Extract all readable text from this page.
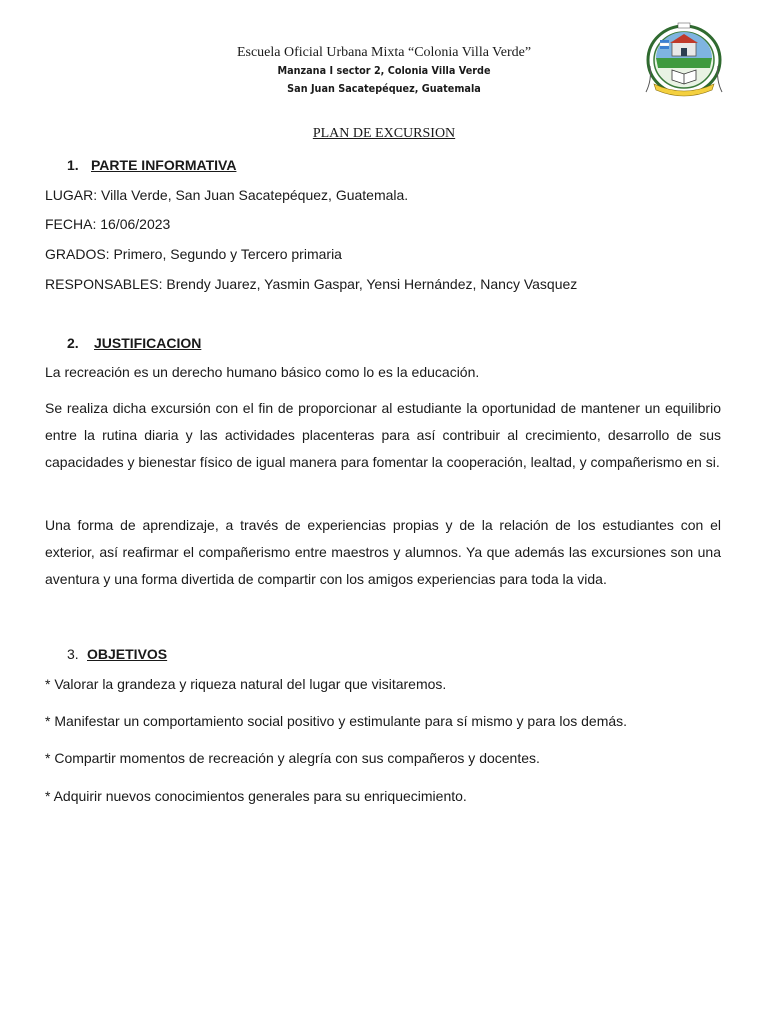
Escuela Oficial Urbana Mixta “Colonia Villa Verde”
Manzana I sector 2, Colonia Villa Verde
San Juan Sacatepéquez, Guatemala
PLAN DE EXCURSION
1. PARTE INFORMATIVA
LUGAR: Villa Verde, San Juan Sacatepéquez, Guatemala.
FECHA: 16/06/2023
GRADOS: Primero, Segundo y Tercero primaria
RESPONSABLES: Brendy Juarez, Yasmin Gaspar, Yensi Hernández, Nancy Vasquez
2. JUSTIFICACION
La recreación es un derecho humano básico como lo es la educación.

Se realiza dicha excursión con el fin de proporcionar al estudiante la oportunidad de mantener un equilibrio entre la rutina diaria y las actividades placenteras para así contribuir al crecimiento, desarrollo de sus capacidades y bienestar físico de igual manera para fomentar la cooperación, lealtad, y compañerismo en si.

Una forma de aprendizaje, a través de experiencias propias y de la relación de los estudiantes con el exterior, así reafirmar el compañerismo entre maestros y alumnos. Ya que además las excursiones son una aventura y una forma divertida de compartir con los amigos experiencias para toda la vida.

3. OBJETIVOS
* Valorar la grandeza y riqueza natural del lugar que visitaremos.
* Manifestar un comportamiento social positivo y estimulante para sí mismo y para los demás.
* Compartir momentos de recreación y alegría con sus compañeros y docentes.
* Adquirir nuevos conocimientos generales para su enriquecimiento.
